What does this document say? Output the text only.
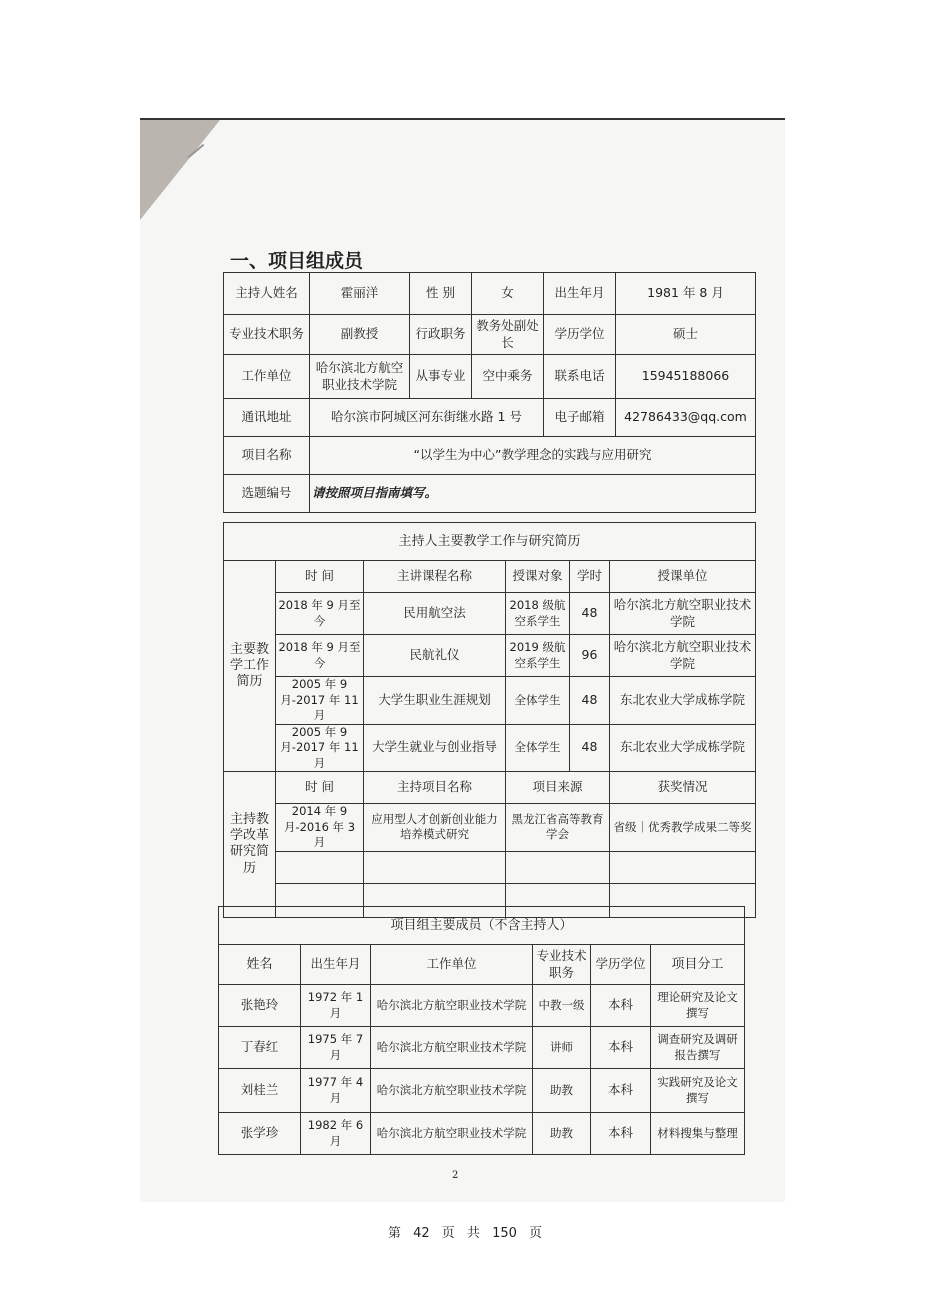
一、项目组成员
主持人姓名	霍丽洋	性 别	女	出生年月	1981 年 8 月
专业技术职务	副教授	行政职务	教务处副处长	学历学位	硕士
工作单位	哈尔滨北方航空职业技术学院	从事专业	空中乘务	联系电话	15945188066
通讯地址	哈尔滨市阿城区河东街继水路 1 号			电子邮箱	42786433@qq.com
项目名称	“以学生为中心”教学理念的实践与应用研究				
选题编号	请按照项目指南填写。				
主持人主要教学工作与研究简历					
主要教学工作简历	时 间	主讲课程名称	授课对象	学时	授课单位
	2018 年 9 月至今	民用航空法	2018 级航空系学生	48	哈尔滨北方航空职业技术学院
	2018 年 9 月至今	民航礼仪	2019 级航空系学生	96	哈尔滨北方航空职业技术学院
	2005 年 9 月-2017 年 11 月	大学生职业生涯规划	全体学生	48	东北农业大学成栋学院
	2005 年 9 月-2017 年 11 月	大学生就业与创业指导	全体学生	48	东北农业大学成栋学院
主持教学改革研究简历	时 间	主持项目名称	项目来源		获奖情况
	2014 年 9 月-2016 年 3 月	应用型人才创新创业能力培养模式研究	黑龙江省高等教育学会		省级｜优秀教学成果二等奖

项目组主要成员（不含主持人）					
姓名	出生年月	工作单位	专业技术职务	学历学位	项目分工
张艳玲	1972 年 1 月	哈尔滨北方航空职业技术学院	中教一级	本科	理论研究及论文撰写
丁春红	1975 年 7 月	哈尔滨北方航空职业技术学院	讲师	本科	调查研究及调研报告撰写
刘桂兰	1977 年 4 月	哈尔滨北方航空职业技术学院	助教	本科	实践研究及论文撰写
张学珍	1982 年 6 月	哈尔滨北方航空职业技术学院	助教	本科	材料搜集与整理
2
第 42 页 共 150 页
